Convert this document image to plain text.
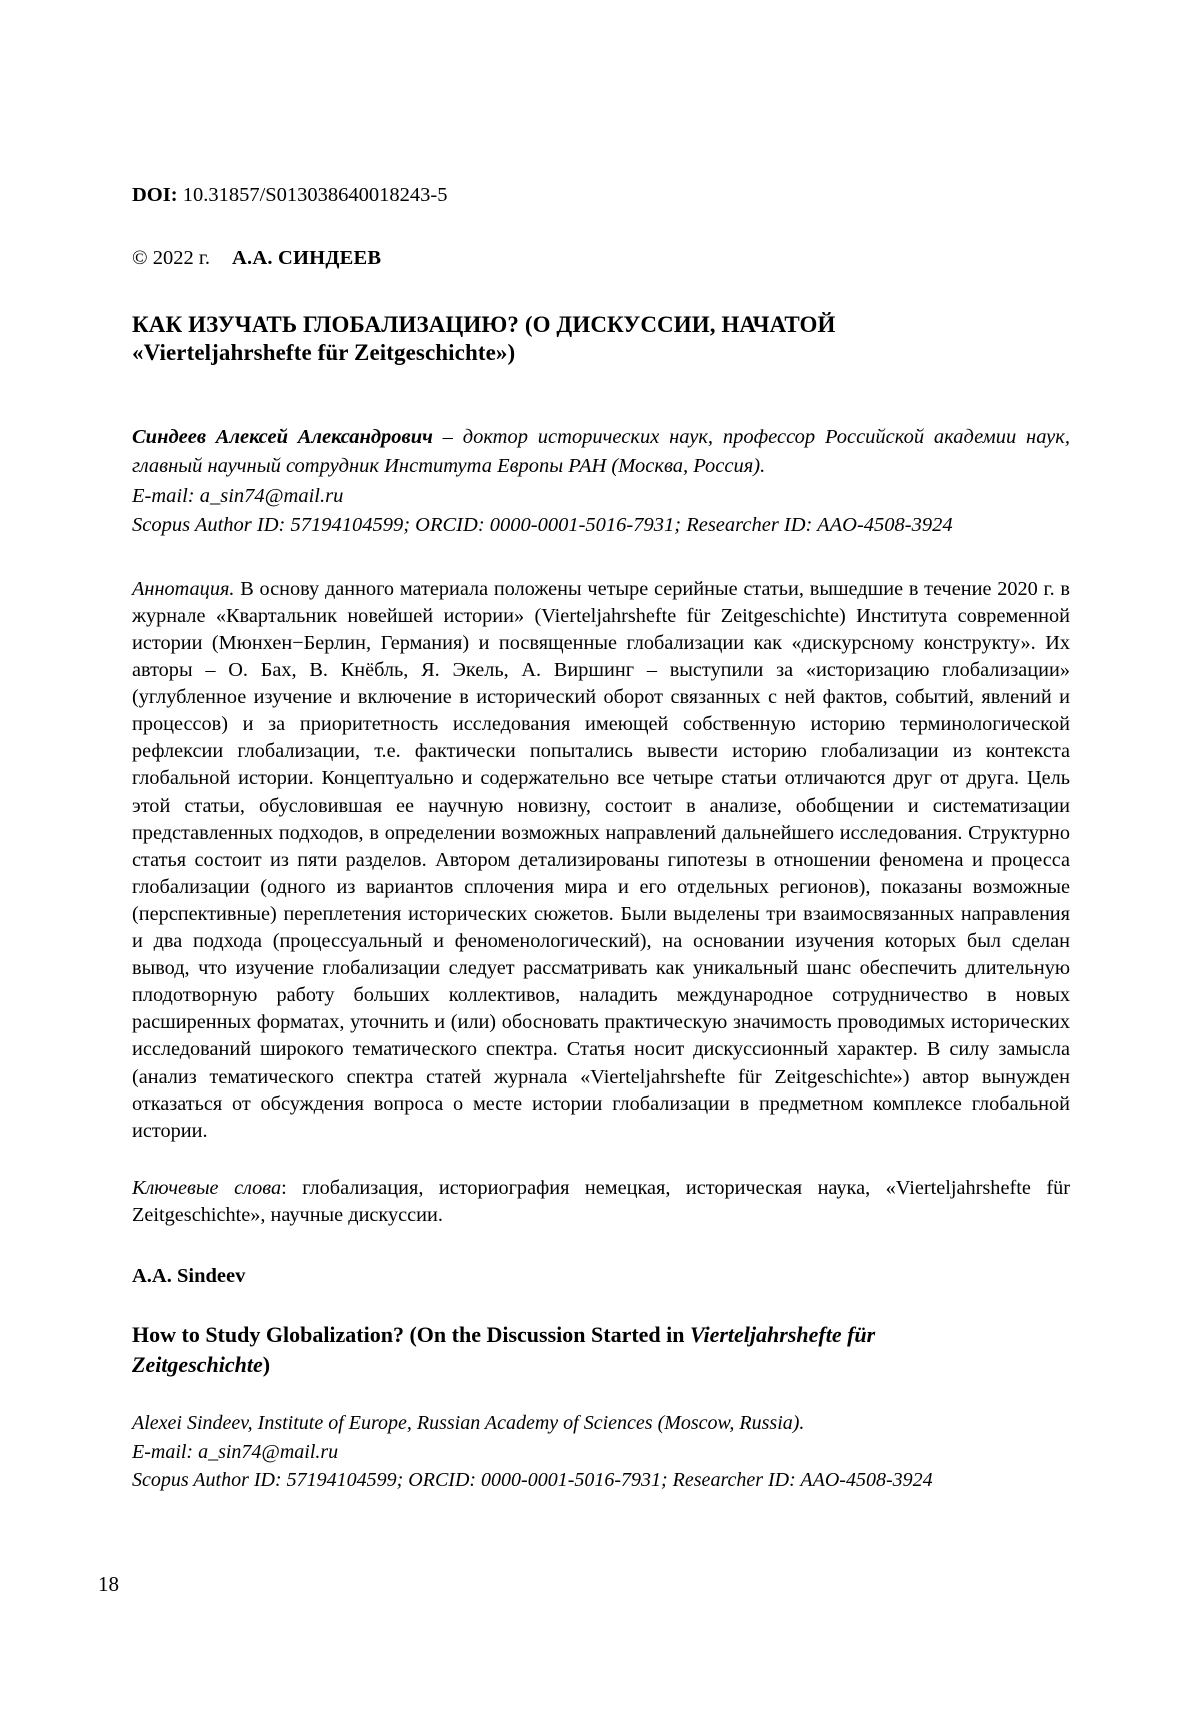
DOI: 10.31857/S013038640018243-5

© 2022 г. А.А. СИНДЕЕВ

КАК ИЗУЧАТЬ ГЛОБАЛИЗАЦИЮ? (О ДИСКУССИИ, НАЧАТОЙ
«Vierteljahrshefte für Zeitgeschichte»)

Синдеев Алексей Александрович – доктор исторических наук, профессор Российской академии наук, главный научный сотрудник Института Европы РАН (Москва, Россия).
E-mail: a_sin74@mail.ru

Scopus Author ID: 57194104599; ORCID: 0000-0001-5016-7931; Researcher ID: AAO-4508-3924

Аннотация. В основу данного материала положены четыре серийные статьи, вышедшие в течение 2020 г. в журнале «Квартальник новейшей истории» (Vierteljahrshefte für Zeitgeschichte) Института современной истории (Мюнхен−Берлин, Германия) и посвященные глобализации как «дискурсному конструкту». Их авторы – О. Бах, В. Кнёбль, Я. Экель, А. Виршинг – выступили за «историзацию глобализации» (углубленное изучение и включение в исторический оборот связанных с ней фактов, событий, явлений и процессов) и за приоритетность исследования имеющей собственную историю терминологической рефлексии глобализации, т.е. фактически попытались вывести историю глобализации из контекста глобальной истории. Концептуально и содержательно все четыре статьи отличаются друг от друга. Цель этой статьи, обусловившая ее научную новизну, состоит в анализе, обобщении и систематизации представленных подходов, в определении возможных направлений дальнейшего исследования. Структурно статья состоит из пяти разделов. Автором детализированы гипотезы в отношении феномена и процесса глобализации (одного из вариантов сплочения мира и его отдельных регионов), показаны возможные (перспективные) переплетения исторических сюжетов. Были выделены три взаимосвязанных направления и два подхода (процессуальный и феноменологический), на основании изучения которых был сделан вывод, что изучение глобализации следует рассматривать как уникальный шанс обеспечить длительную плодотворную работу больших коллективов, наладить международное сотрудничество в новых расширенных форматах, уточнить и (или) обосновать практическую значимость проводимых исторических исследований широкого тематического спектра. Статья носит дискуссионный характер. В силу замысла (анализ тематического спектра статей журнала «Vierteljahrshefte für Zeitgeschichte») автор вынужден отказаться от обсуждения вопроса о месте истории глобализации в предметном комплексе глобальной истории.

Ключевые слова: глобализация, историография немецкая, историческая наука, «Vierteljahrshefte für Zeitgeschichte», научные дискуссии.

A.A. Sindeev

How to Study Globalization? (On the Discussion Started in Vierteljahrshefte für
Zeitgeschichte)

Alexei Sindeev, Institute of Europe, Russian Academy of Sciences (Moscow, Russia).
E-mail: a_sin74@mail.ru
Scopus Author ID: 57194104599; ORCID: 0000-0001-5016-7931; Researcher ID: AAO-4508-3924

18
